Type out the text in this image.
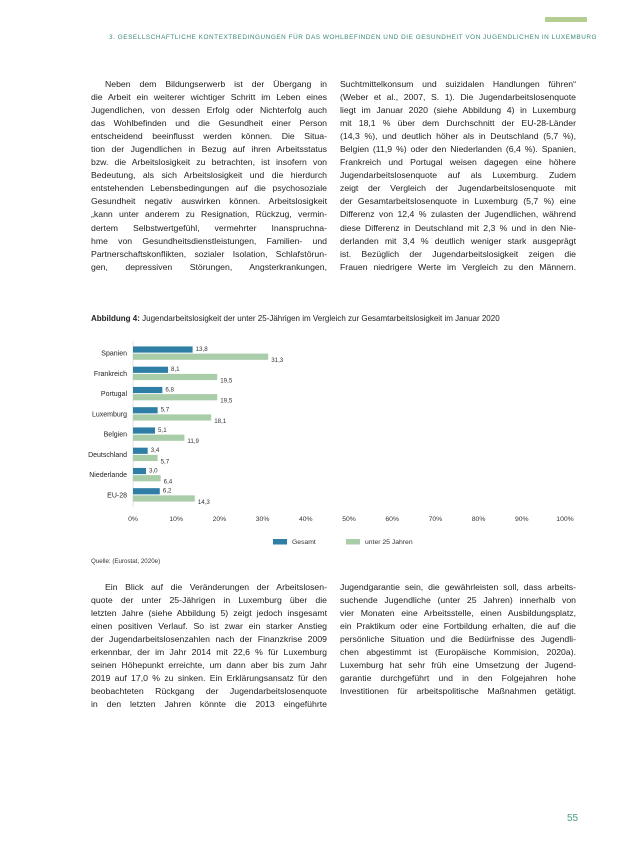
3. GESELLSCHAFTLICHE KONTEXTBEDINGUNGEN FÜR DAS WOHLBEFINDEN UND DIE GESUNDHEIT VON JUGENDLICHEN IN LUXEMBURG

Neben dem Bildungserwerb ist der Übergang in

die Arbeit ein weiterer wichtiger Schritt im Leben eines

Jugendlichen, von dessen Erfolg oder Nichterfolg auch

das Wohlbefinden und die Gesundheit einer Person

entscheidend beeinflusst werden können. Die Situa-

tion der Jugendlichen in Bezug auf ihren Arbeitsstatus

bzw. die Arbeitslosigkeit zu betrachten, ist insofern von

Bedeutung, als sich Arbeitslosigkeit und die hierdurch

entstehenden Lebensbedingungen auf die psychosoziale

Gesundheit negativ auswirken können. Arbeitslosigkeit

„kann unter anderem zu Resignation, Rückzug, vermin-

dertem Selbstwertgefühl, vermehrter Inanspruchna-

hme von Gesundheitsdienstleistungen, Familien- und

Partnerschaftskonflikten, sozialer Isolation, Schlafstörun-

gen, depressiven Störungen, Angsterkrankungen,

Suchtmittelkonsum und suizidalen Handlungen führen“

(Weber et al., 2007, S. 1). Die Jugendarbeitslosenquote

liegt im Januar 2020 (siehe Abbildung 4) in Luxemburg

mit 18,1 % über dem Durchschnitt der EU-28-Länder

(14,3 %), und deutlich höher als in Deutschland (5,7 %),

Belgien (11,9 %) oder den Niederlanden (6,4 %). Spanien,

Frankreich und Portugal weisen dagegen eine höhere

Jugendarbeitslosenquote auf als Luxemburg. Zudem

zeigt der Vergleich der Jugendarbeitslosenquote mit

der Gesamtarbeitslosenquote in Luxemburg (5,7 %) eine

Differenz von 12,4 % zulasten der Jugendlichen, während

diese Differenz in Deutschland mit 2,3 % und in den Nie-

derlanden mit 3,4 % deutlich weniger stark ausgeprägt

ist. Bezüglich der Jugendarbeitslosigkeit zeigen die

Frauen niedrigere Werte im Vergleich zu den Männern.

Abbildung 4: Jugendarbeitslosigkeit der unter 25-Jährigen im Vergleich zur Gesamtarbeitslosigkeit im Januar 2020
0%	10%	20%	30%	40%	50%	60%	70%	80%	90%	100%
Spanien
13,8
31,3
Frankreich
8,1
19,5
Portugal
6,8
19,5
Luxemburg
5,7
18,1
Belgien
5,1
11,9
Deutschland
3,4
5,7
Niederlande
3,0
6,4
EU-28
6,2
14,3
Gesamt	unter 25 Jahren
Quelle: (Eurostat, 2020e)

Ein Blick auf die Veränderungen der Arbeitslosen-

quote der unter 25-Jährigen in Luxemburg über die

letzten Jahre (siehe Abbildung 5) zeigt jedoch insgesamt

einen positiven Verlauf. So ist zwar ein starker Anstieg

der Jugendarbeitslosenzahlen nach der Finanzkrise 2009

erkennbar, der im Jahr 2014 mit 22,6 % für Luxemburg

seinen Höhepunkt erreichte, um dann aber bis zum Jahr

2019 auf 17,0 % zu sinken. Ein Erklärungsansatz für den

beobachteten Rückgang der Jugendarbeitslosenquote

in den letzten Jahren könnte die 2013 eingeführte

Jugendgarantie sein, die gewährleisten soll, dass arbeits-

suchende Jugendliche (unter 25 Jahren) innerhalb von

vier Monaten eine Arbeitsstelle, einen Ausbildungsplatz,

ein Praktikum oder eine Fortbildung erhalten, die auf die

persönliche Situation und die Bedürfnisse des Jugendli-

chen abgestimmt ist (Europäische Kommision, 2020a).

Luxemburg hat sehr früh eine Umsetzung der Jugend-

garantie durchgeführt und in den Folgejahren hohe

Investitionen für arbeitspolitische Maßnahmen getätigt.

55
